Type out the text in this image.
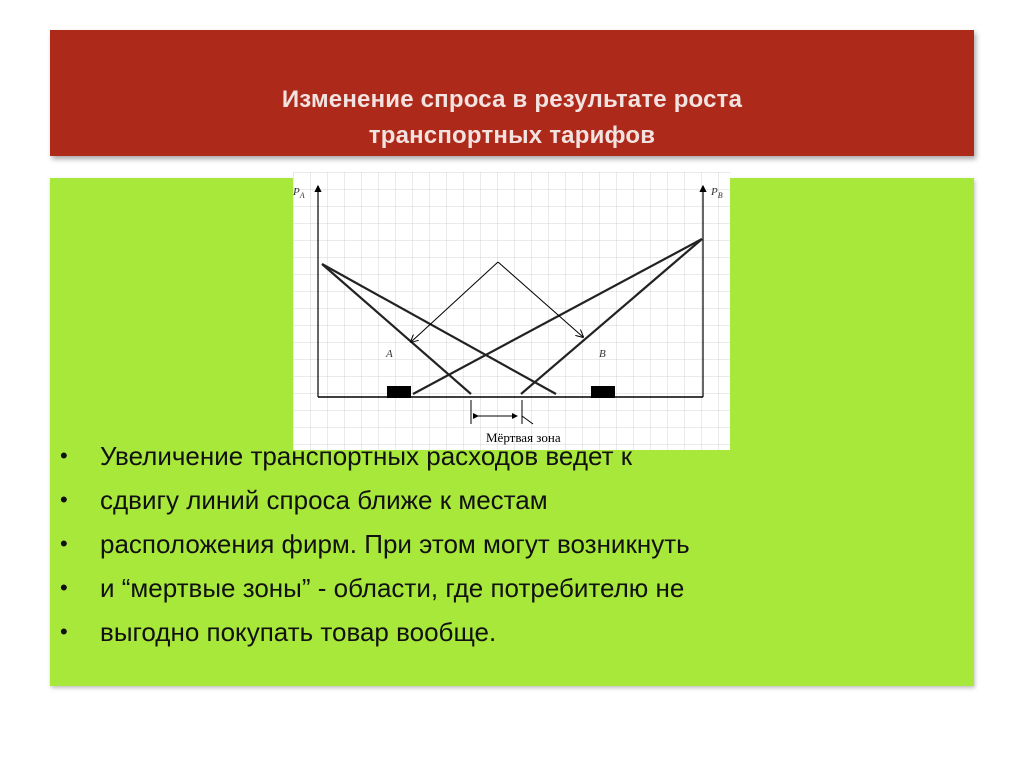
Изменение спроса в результате роста
транспортных тарифов
$P_A$	$P_B$
A	B
Мёртвая зона
• Увеличение транспортных расходов ведет к
• сдвигу линий спроса ближе к местам
• расположения фирм. При этом могут возникнуть
• и “мертвые зоны” - области, где потребителю не
• выгодно покупать товар вообще.
